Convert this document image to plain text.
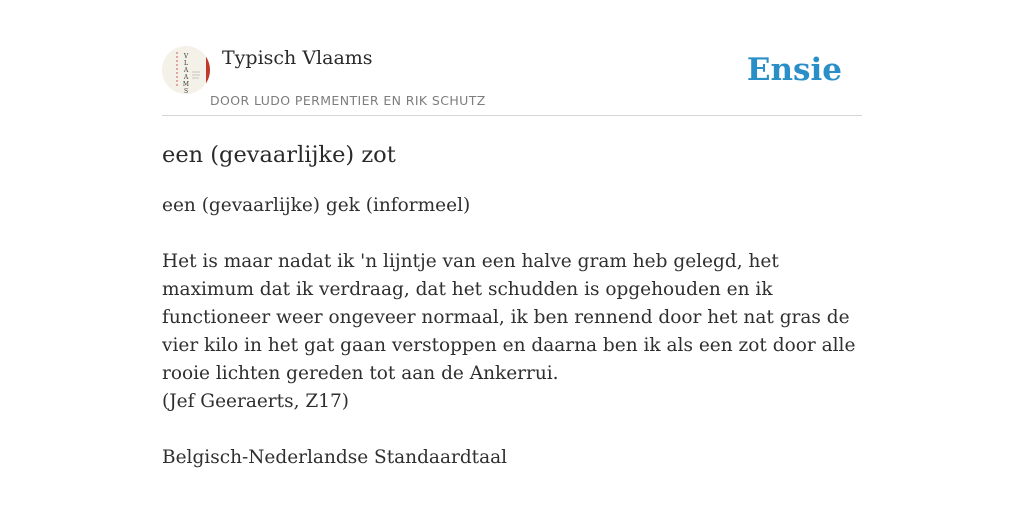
V
L
A
A
M
S
Typisch Vlaams
DOOR LUDO PERMENTIER EN RIK SCHUTZ
Ensie
een (gevaarlijke) zot

een (gevaarlijke) gek (informeel)

Het is maar nadat ik 'n lijntje van een halve gram heb gelegd, het maximum dat ik verdraag, dat het schudden is opgehouden en ik functioneer weer ongeveer normaal, ik ben rennend door het nat gras de vier kilo in het gat gaan verstoppen en daarna ben ik als een zot door alle rooie lichten gereden tot aan de Ankerrui.

(Jef Geeraerts, Z17)

Belgisch-Nederlandse Standaardtaal
